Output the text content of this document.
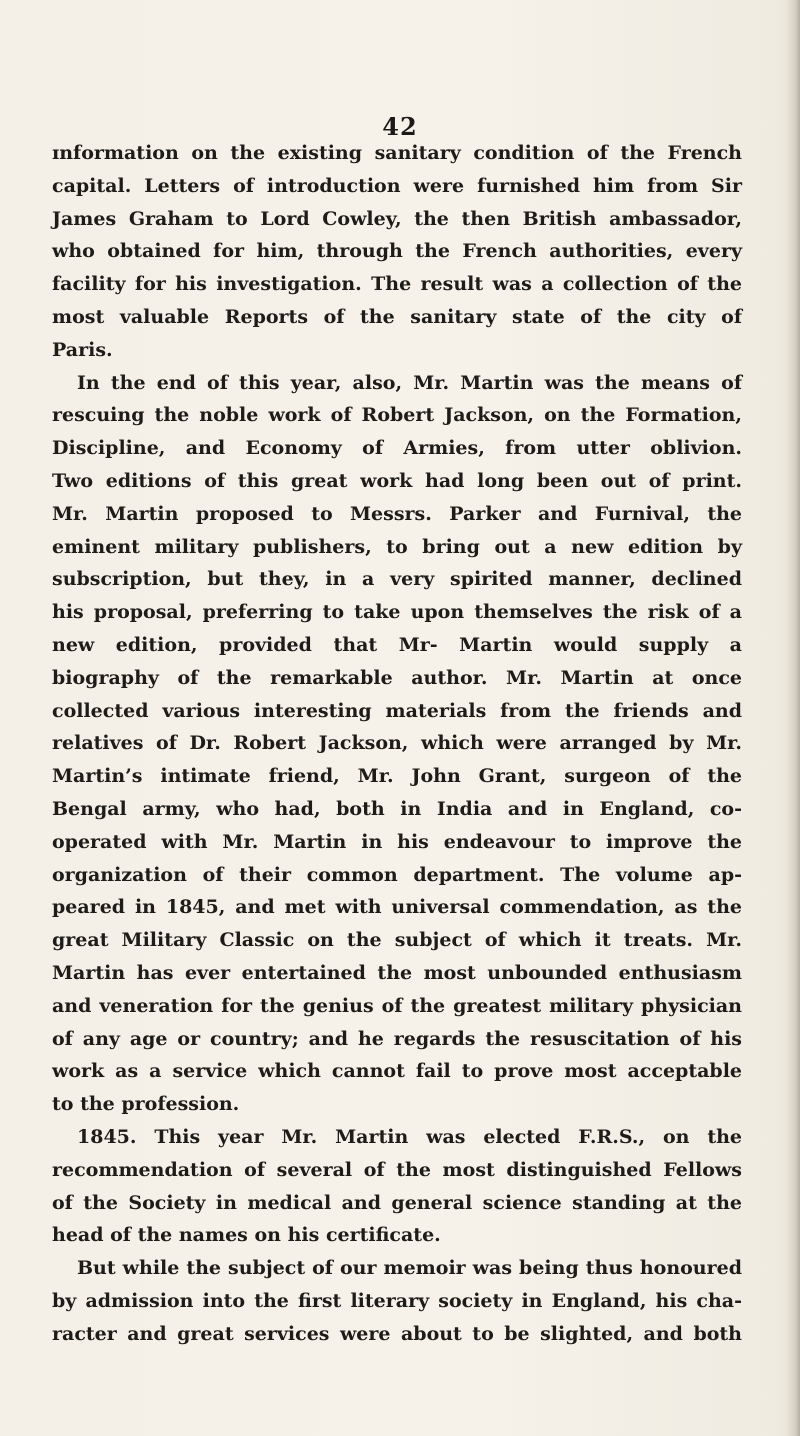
42

ɪnformation on the existing sanitary condition of the French
capital. Letters of introduction were furnished him from Sir
James Graham to Lord Cowley, the then British ambassador,
who obtained for him, through the French authorities, every
facility for his investigation. The result was a collection of the
most valuable Reports of the sanitary state of the city of
Paris.

In the end of this year, also, Mr. Martin was the means of
rescuing the noble work of Robert Jackson, on the Formation,
Discipline, and Economy of Armies, from utter oblivion.
Two editions of this great work had long been out of print.
Mr. Martin proposed to Messrs. Parker and Furnival, the
eminent military publishers, to bring out a new edition by
subscription, but they, in a very spirited manner, declined
his proposal, preferring to take upon themselves the risk of a
new edition, provided that Mr- Martin would supply a
biography of the remarkable author. Mr. Martin at once
collected various interesting materials from the friends and
relatives of Dr. Robert Jackson, which were arranged by Mr.
Martin’s intimate friend, Mr. John Grant, surgeon of the
Bengal army, who had, both in India and in England, co-
operated with Mr. Martin in his endeavour to improve the
organization of their common department. The volume ap-
peared in 1845, and met with universal commendation, as the
great Military Classic on the subject of which it treats. Mr.
Martin has ever entertained the most unbounded enthusiasm
and veneration for the genius of the greatest military physician
of any age or country; and he regards the resuscitation of his
work as a service which cannot fail to prove most acceptable
to the profession.

1845. This year Mr. Martin was elected F.R.S., on the
recommendation of several of the most distinguished Fellows
of the Society in medical and general science standing at the
head of the names on his certificate.

But while the subject of our memoir was being thus honoured
by admission into the first literary society in England, his cha-
racter and great services were about to be slighted, and both
